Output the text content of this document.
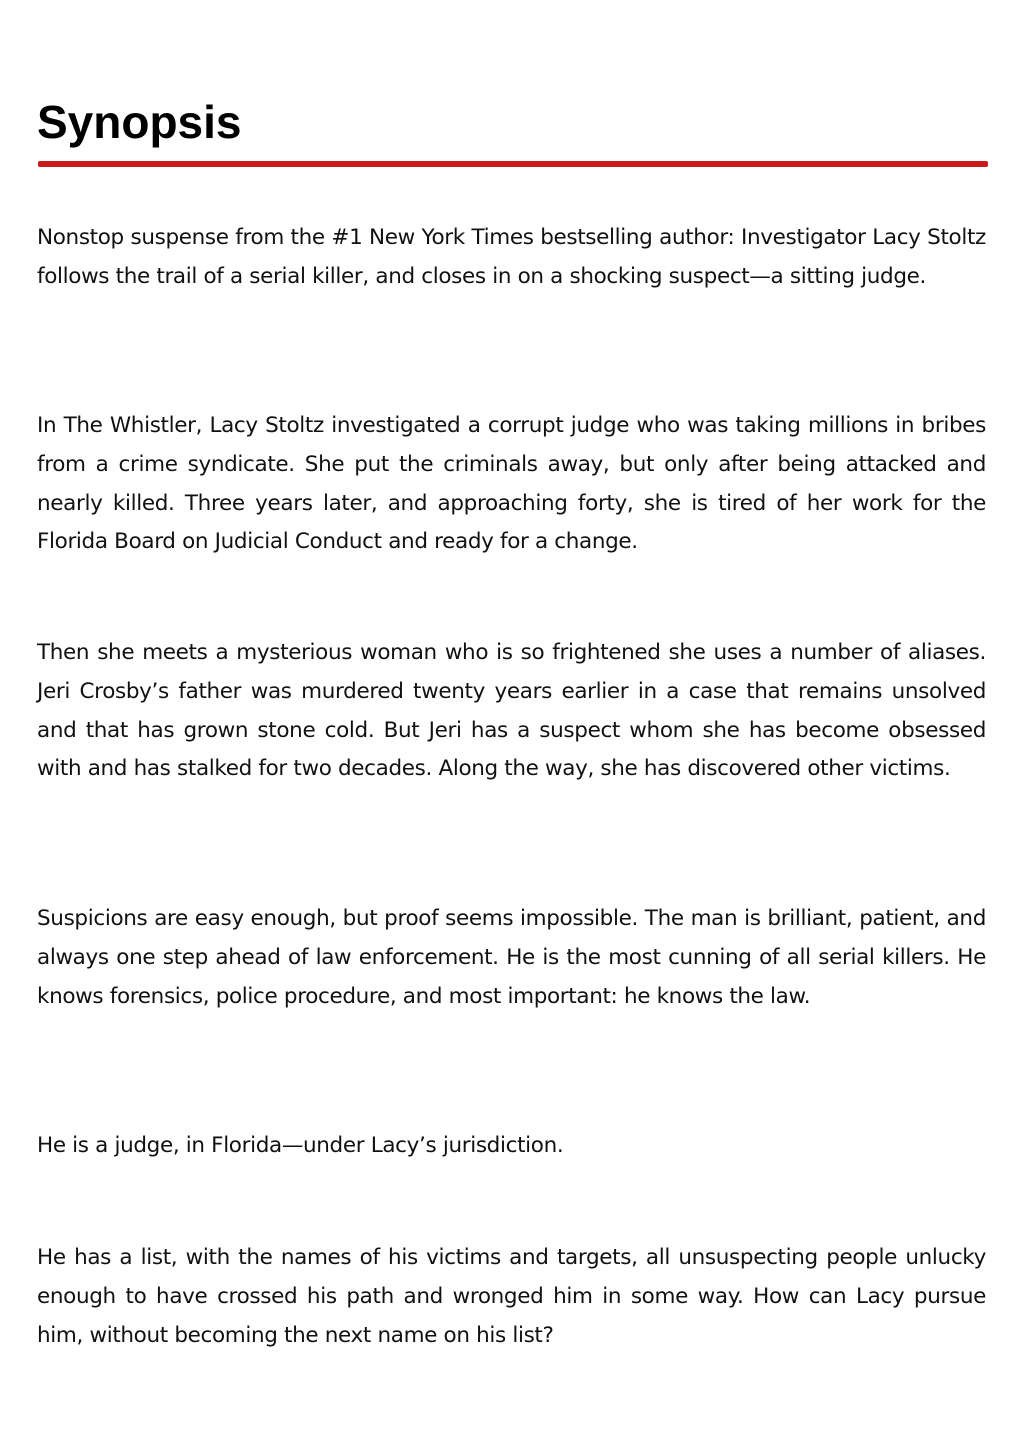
Synopsis

Nonstop suspense from the #1 New York Times bestselling author: Investigator Lacy Stoltz follows the trail of a serial killer, and closes in on a shocking suspect—a sitting judge.

In The Whistler, Lacy Stoltz investigated a corrupt judge who was taking millions in bribes from a crime syndicate. She put the criminals away, but only after being attacked and nearly killed. Three years later, and approaching forty, she is tired of her work for the Florida Board on Judicial Conduct and ready for a change.

Then she meets a mysterious woman who is so frightened she uses a number of aliases. Jeri Crosby’s father was murdered twenty years earlier in a case that remains unsolved and that has grown stone cold. But Jeri has a suspect whom she has become obsessed with and has stalked for two decades. Along the way, she has discovered other victims.

Suspicions are easy enough, but proof seems impossible. The man is brilliant, patient, and always one step ahead of law enforcement. He is the most cunning of all serial killers. He knows forensics, police procedure, and most important: he knows the law.

He is a judge, in Florida—under Lacy’s jurisdiction.

He has a list, with the names of his victims and targets, all unsuspecting people unlucky enough to have crossed his path and wronged him in some way. How can Lacy pursue him, without becoming the next name on his list?
